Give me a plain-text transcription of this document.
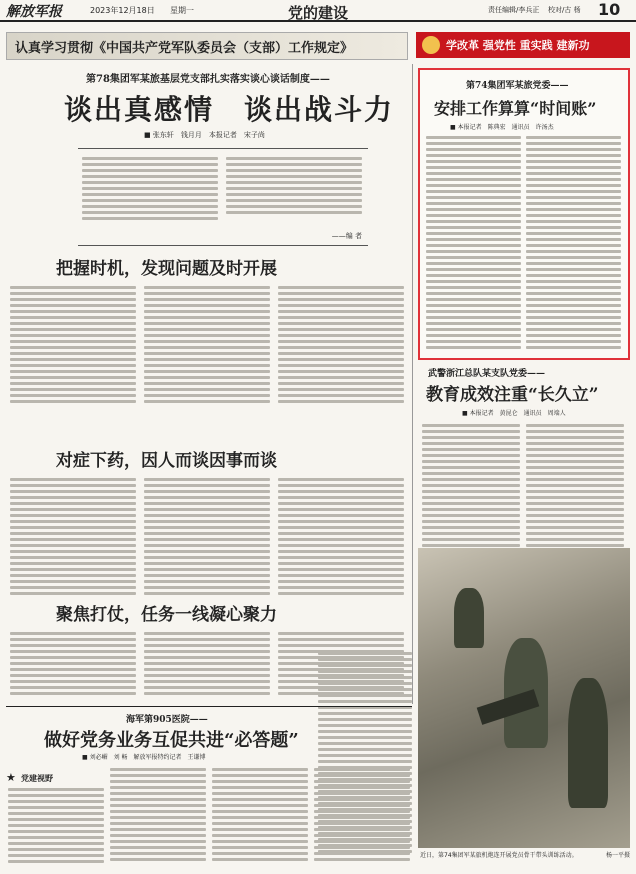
解放军报	2023年12月18日 星期一	党的建设	责任编辑/李兵正 校对/古 杨 10
认真学习贯彻《中国共产党军队委员会（支部）工作规定》	学改革 强党性 重实践 建新功
第78集团军某旅基层党支部扎实落实谈心谈话制度——
谈出真感情　谈出战斗力
■ 张东轩　钱月月　本报记者　宋子尚
——编 者
把握时机，发现问题及时开展
对症下药，因人而谈因事而谈
聚焦打仗，任务一线凝心聚力
第74集团军某旅党委——
安排工作算算“时间账”
■ 本报记者　陈典宏　通讯员　许汤杰
武警浙江总队某支队党委——
教育成效注重“长久立”
■ 本报记者　黄昆仑　通讯员　周端人
近日，第74集团军某旅机炮连开展党员骨干带头训练活动。	杨一平摄
海军第905医院——
做好党务业务互促共进“必答题”
■ 刘必嵋　刘 畅　解放军报特约记者　王谦博
★ 党建视野
